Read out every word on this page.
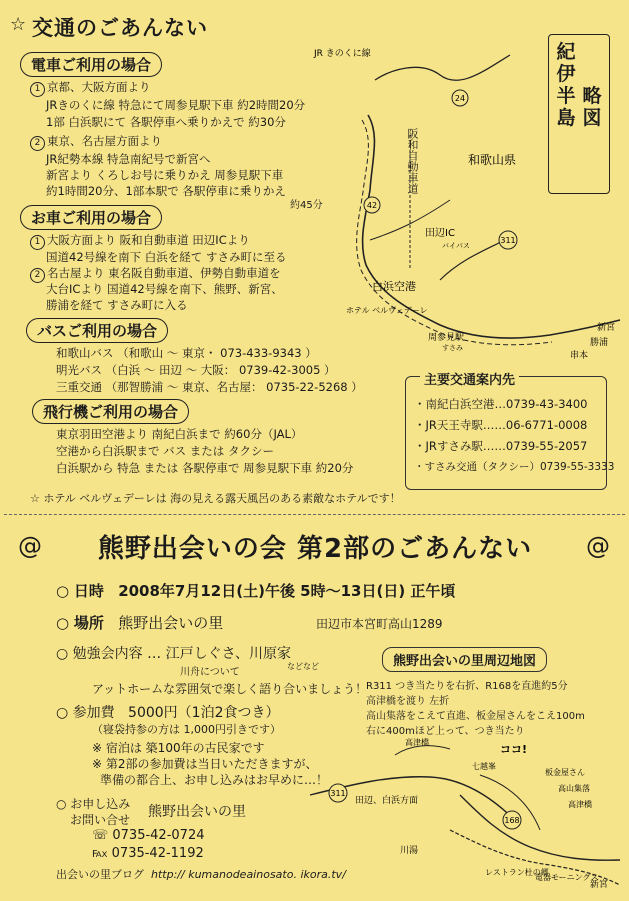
☆ 交通のごあんない
電車ご利用の場合
1 京都、大阪方面より
JRきのくに線 特急にて周参見駅下車 約2時間20分
1部 白浜駅にて 各駅停車へ乗りかえで 約30分
2 東京、名古屋方面より
JR紀勢本線 特急南紀号で新宮へ
新宮より くろしお号に乗りかえ 周参見駅下車
約1時間20分、1部本駅で 各駅停車に乗りかえ
約45分
お車ご利用の場合
1 大阪方面より 阪和自動車道 田辺ICより
国道42号線を南下 白浜を経て すさみ町に至る
2 名古屋より 東名阪自動車道、伊勢自動車道を
大台ICより 国道42号線を南下、熊野、新宮、
勝浦を経て すさみ町に入る
バスご利用の場合
和歌山バス （和歌山 ～ 東京・ 073-433-9343 ）
明光バス （白浜 ～ 田辺 ～ 大阪： 0739-42-3005 ）
三重交通 （那智勝浦 ～ 東京、名古屋： 0735-22-5268 ）
飛行機ご利用の場合
東京羽田空港より 南紀白浜まで 約60分（JAL）
空港から白浜駅まで バス または タクシー
白浜駅から 特急 または 各駅停車で 周参見駅下車 約20分
☆ ホテル ベルヴェデーレは 海の見える露天風呂のある素敵なホテルです！
24
42
311
JR きのくに線
和歌山県
田辺IC
バイパス
白浜空港
ホテル ベルヴェデーレ
周参見駅
すさみ
新宮
勝浦
串本
阪和自動車道
紀
伊
半
島
略
図
主要交通案内先
・南紀白浜空港…0739-43-3400
・JR天王寺駅……06-6771-0008
・JRすさみ駅……0739-55-2057
・すさみ交通（タクシー）0739-55-3333
@	熊野出会いの会 第2部のごあんない	@
○ 日時 2008年7月12日(土)午後 5時～13日(日) 正午頃
○ 場所 熊野出会いの里	田辺市本宮町高山1289
○ 勉強会内容 … 江戸しぐさ、川原家
川舟について
などなど
アットホームな雰囲気で楽しく語り合いましょう！
○ 参加費 5000円（1泊2食つき）
（寝袋持参の方は 1,000円引きです）
※ 宿泊は 築100年の古民家です
※ 第2部の参加費は当日いただきますが、
準備の都合上、お申し込みはお早めに…！
○ お申し込み
お問い合せ 熊野出会いの里
☏ 0735-42-0724
℻ 0735-42-1192
出会いの里ブログ http:// kumanodeainosato. ikora.tv/
熊野出会いの里周辺地図
R311 つき当たりを右折、R168を直進約5分
高津橋を渡り 左折
高山集落をこえて直進、板金屋さんをこえ100m
右に400mほど上って、つき当たり
311
168
田辺、白浜方面
高津橋
川湯
ココ!
七越峯
板金屋さん
高山集落
高津橋
レストラン杜の郷
電器モーニングス
新宮
